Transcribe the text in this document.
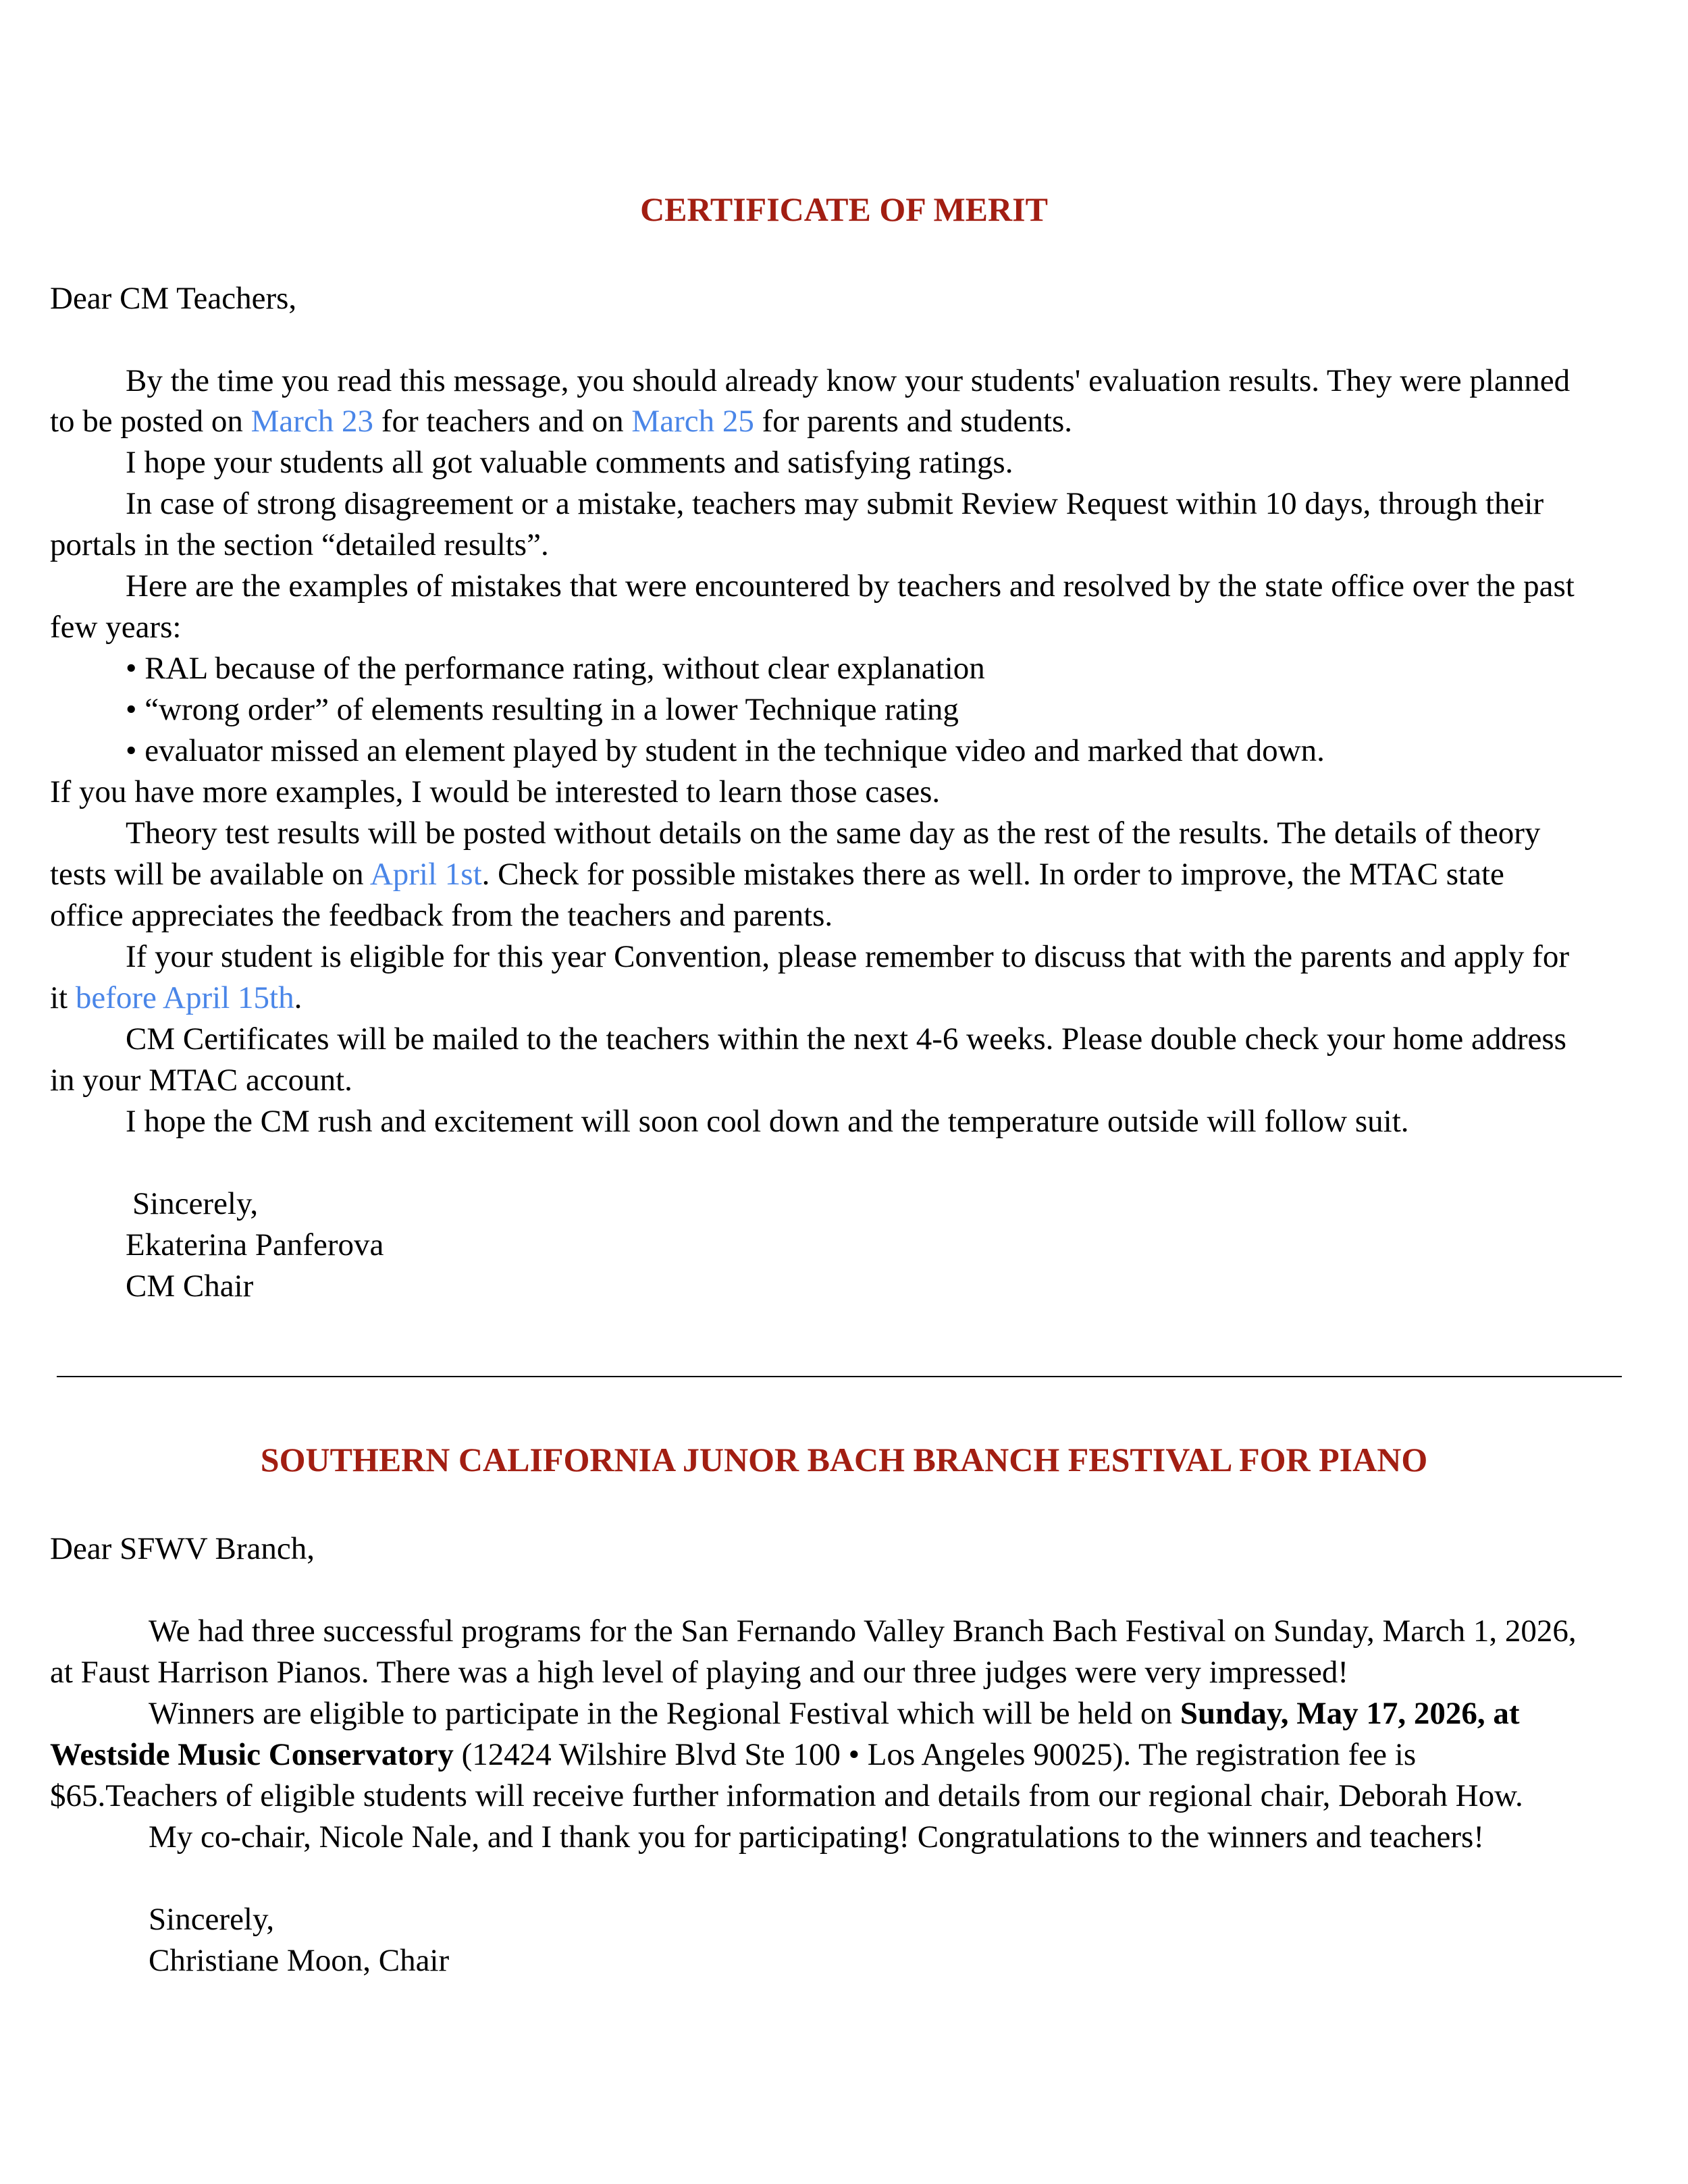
CERTIFICATE OF MERIT

Dear CM Teachers,

By the time you read this message, you should already know your students' evaluation results. They were planned

to be posted on March 23 for teachers and on March 25 for parents and students.

I hope your students all got valuable comments and satisfying ratings.

In case of strong disagreement or a mistake, teachers may submit Review Request within 10 days, through their

portals in the section “detailed results”.

Here are the examples of mistakes that were encountered by teachers and resolved by the state office over the past

few years:

• RAL because of the performance rating, without clear explanation

• “wrong order” of elements resulting in a lower Technique rating

• evaluator missed an element played by student in the technique video and marked that down.

If you have more examples, I would be interested to learn those cases.

Theory test results will be posted without details on the same day as the rest of the results. The details of theory

tests will be available on April 1st. Check for possible mistakes there as well. In order to improve, the MTAC state

office appreciates the feedback from the teachers and parents.

If your student is eligible for this year Convention, please remember to discuss that with the parents and apply for

it before April 15th.

CM Certificates will be mailed to the teachers within the next 4-6 weeks. Please double check your home address

in your MTAC account.

I hope the CM rush and excitement will soon cool down and the temperature outside will follow suit.

Sincerely,

Ekaterina Panferova

CM Chair

SOUTHERN CALIFORNIA JUNOR BACH BRANCH FESTIVAL FOR PIANO

Dear SFWV Branch,

We had three successful programs for the San Fernando Valley Branch Bach Festival on Sunday, March 1, 2026,

at Faust Harrison Pianos. There was a high level of playing and our three judges were very impressed!

Winners are eligible to participate in the Regional Festival which will be held on Sunday, May 17, 2026, at

Westside Music Conservatory (12424 Wilshire Blvd Ste 100 • Los Angeles 90025). The registration fee is

$65.Teachers of eligible students will receive further information and details from our regional chair, Deborah How.

My co-chair, Nicole Nale, and I thank you for participating! Congratulations to the winners and teachers!

Sincerely,

Christiane Moon, Chair
